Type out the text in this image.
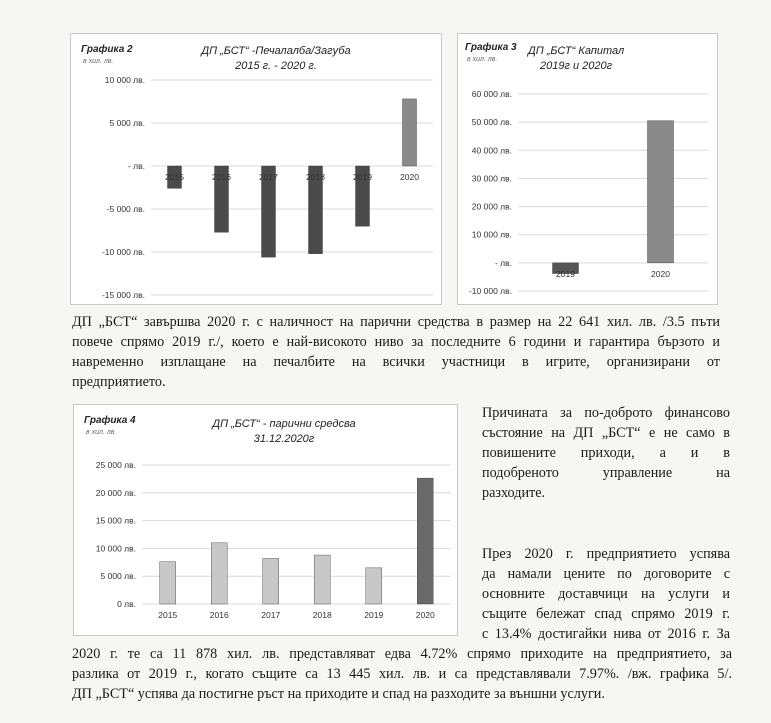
Графика 2
в хил. лв.
ДП „БСТ“ -Печалалба/Загуба
2015 г. - 2020 г.
10 000 лв.
5 000 лв.
- лв.
-5 000 лв.
-10 000 лв.
-15 000 лв.
2015	2016	2017	2018	2019	2020
Графика 3
в хил. лв.
ДП „БСТ“ Капитал
2019г и 2020г
60 000 лв.
50 000 лв.
40 000 лв.
30 000 лв.
20 000 лв.
10 000 лв.
- лв.
-10 000 лв.
2019	2020
ДП „БСТ“ завършва 2020 г. с наличност на парични средства в размер на 22 641 хил. лв. /3.5 пъти
повече спрямо 2019 г./, което е най-високото ниво за последните 6 години и гарантира бързото и
навременно изплащане на печалбите на всички участници в игрите, организирани от
предприятието.
Графика 4
в хил. лв.
ДП „БСТ“ - парични средсва
31.12.2020г
25 000 лв.
20 000 лв.
15 000 лв.
10 000 лв.
5 000 лв.
0 лв.
2015	2016	2017	2018	2019	2020
Причината за по-доброто финансово
състояние на ДП „БСТ“ е не само в
повишените приходи, а и в
подобреното управление на
разходите.
През 2020 г. предприятието успява
да намали цените по договорите с
основните доставчици на услуги и
същите бележат спад спрямо 2019 г.
с 13.4% достигайки нива от 2016 г. За
2020 г. те са 11 878 хил. лв. представляват едва 4.72% спрямо приходите на предприятието, за
разлика от 2019 г., когато същите са 13 445 хил. лв. и са представлявали 7.97%. /вж. графика 5/.
ДП „БСТ“ успява да постигне ръст на приходите и спад на разходите за външни услуги.
